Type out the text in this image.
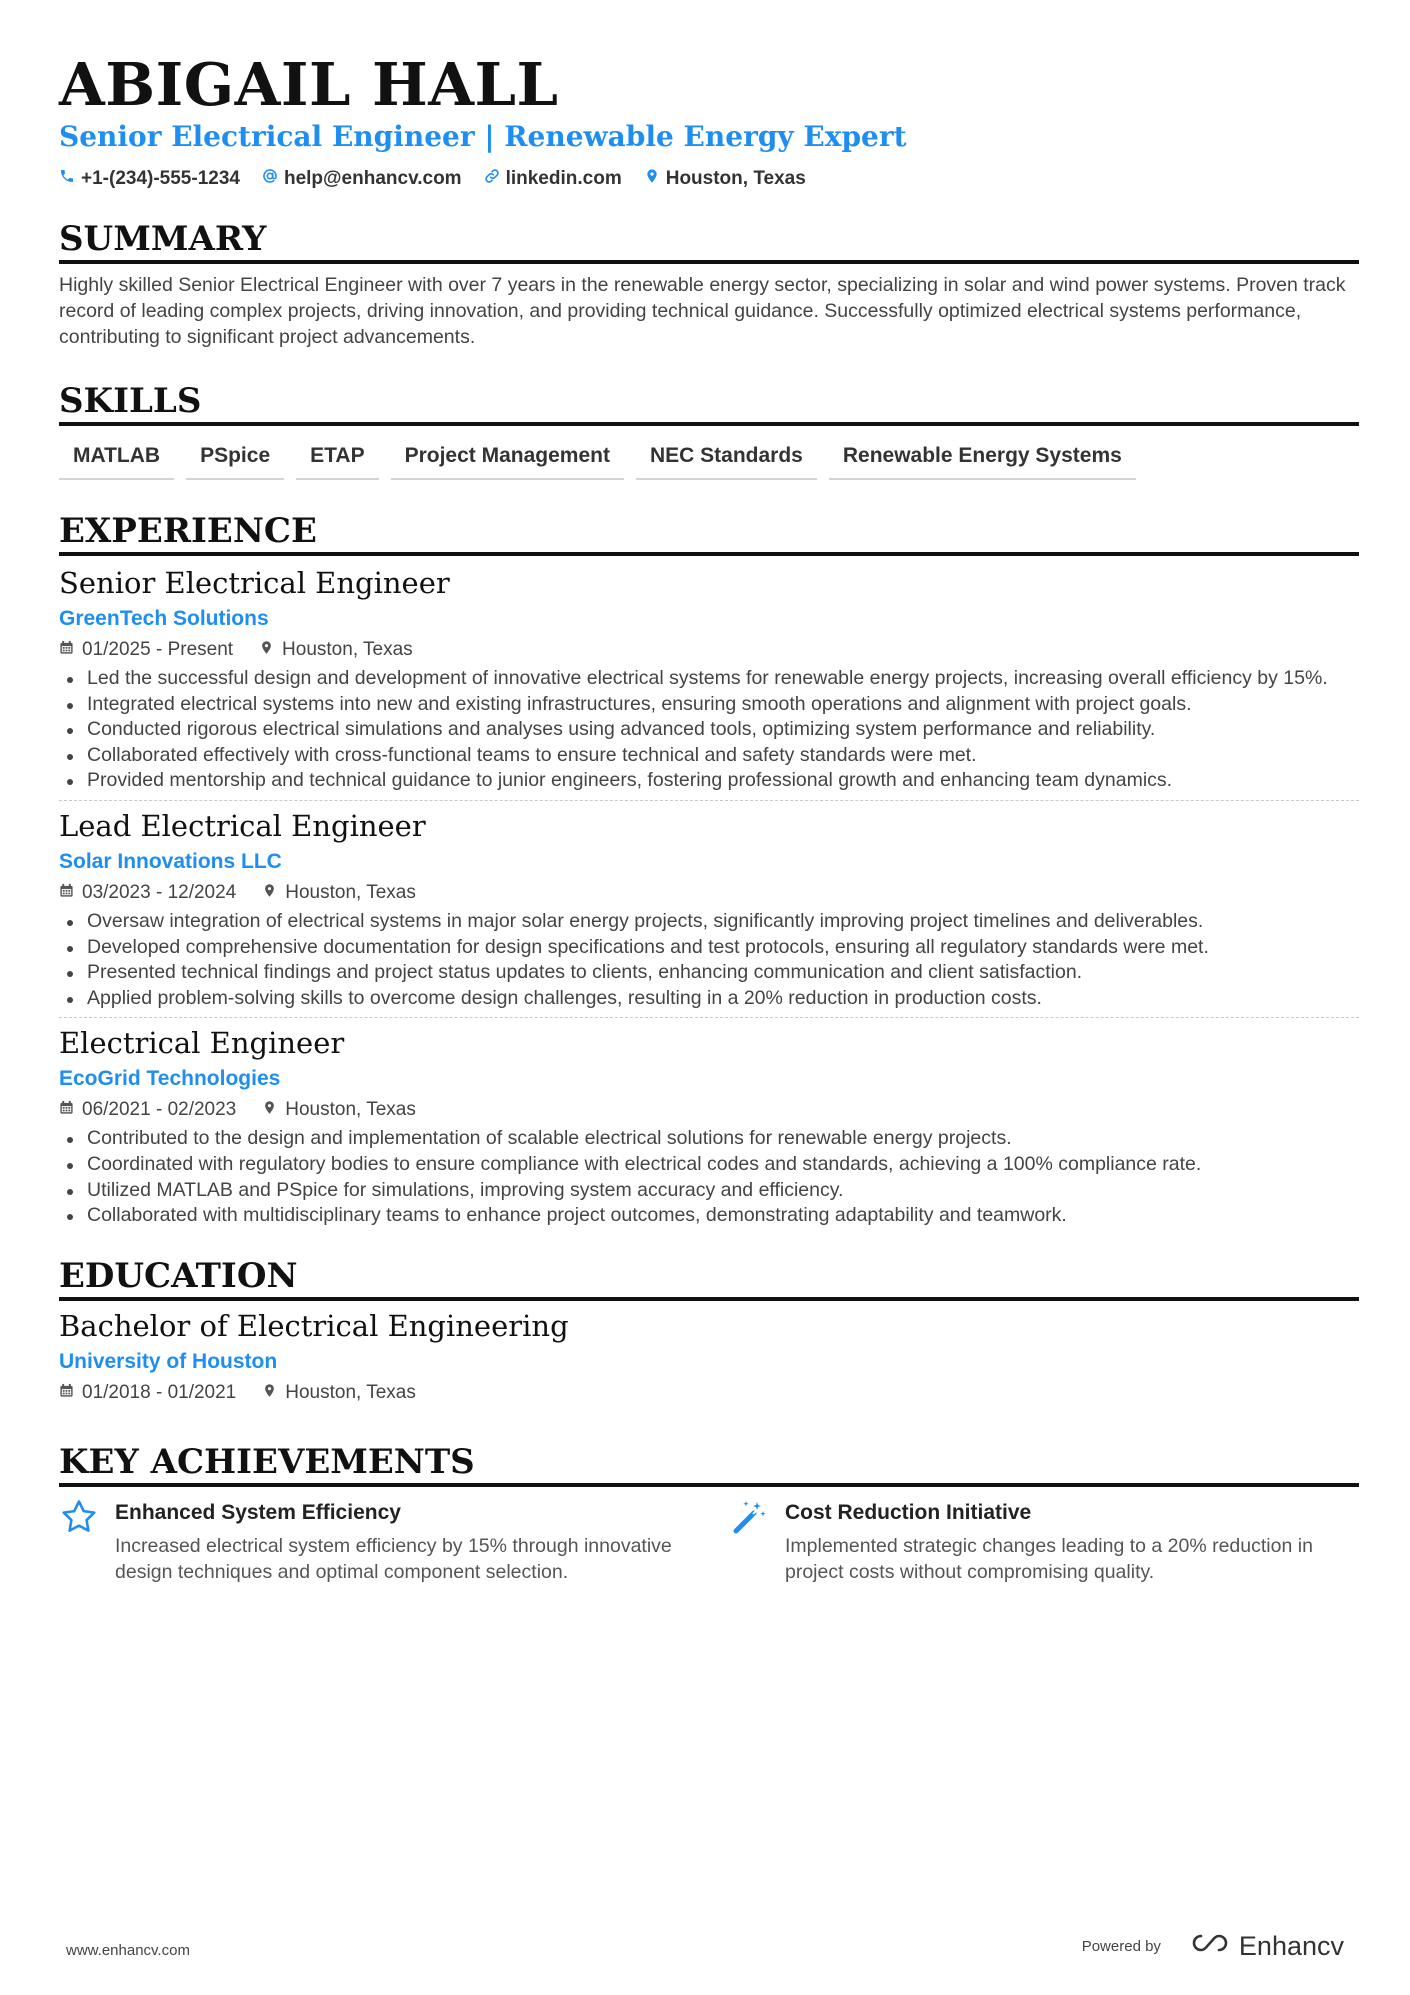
ABIGAIL HALL
Senior Electrical Engineer | Renewable Energy Expert
+1-(234)-555-1234 help@enhancv.com linkedin.com Houston, Texas
SUMMARY
Highly skilled Senior Electrical Engineer with over 7 years in the renewable energy sector, specializing in solar and wind power systems. Proven track record of leading complex projects, driving innovation, and providing technical guidance. Successfully optimized electrical systems performance, contributing to significant project advancements.
SKILLS
MATLAB	PSpice	ETAP	Project Management	NEC Standards	Renewable Energy Systems
EXPERIENCE
Senior Electrical Engineer
GreenTech Solutions
01/2025 - Present	Houston, Texas
Led the successful design and development of innovative electrical systems for renewable energy projects, increasing overall efficiency by 15%.
Integrated electrical systems into new and existing infrastructures, ensuring smooth operations and alignment with project goals.
Conducted rigorous electrical simulations and analyses using advanced tools, optimizing system performance and reliability.
Collaborated effectively with cross-functional teams to ensure technical and safety standards were met.
Provided mentorship and technical guidance to junior engineers, fostering professional growth and enhancing team dynamics.
Lead Electrical Engineer
Solar Innovations LLC
03/2023 - 12/2024	Houston, Texas
Oversaw integration of electrical systems in major solar energy projects, significantly improving project timelines and deliverables.
Developed comprehensive documentation for design specifications and test protocols, ensuring all regulatory standards were met.
Presented technical findings and project status updates to clients, enhancing communication and client satisfaction.
Applied problem-solving skills to overcome design challenges, resulting in a 20% reduction in production costs.
Electrical Engineer
EcoGrid Technologies
06/2021 - 02/2023	Houston, Texas
Contributed to the design and implementation of scalable electrical solutions for renewable energy projects.
Coordinated with regulatory bodies to ensure compliance with electrical codes and standards, achieving a 100% compliance rate.
Utilized MATLAB and PSpice for simulations, improving system accuracy and efficiency.
Collaborated with multidisciplinary teams to enhance project outcomes, demonstrating adaptability and teamwork.
EDUCATION
Bachelor of Electrical Engineering
University of Houston
01/2018 - 01/2021	Houston, Texas
KEY ACHIEVEMENTS
Enhanced System Efficiency
Increased electrical system efficiency by 15% through innovative design techniques and optimal component selection.
Cost Reduction Initiative
Implemented strategic changes leading to a 20% reduction in project costs without compromising quality.
www.enhancv.com	Powered by	Enhancv
